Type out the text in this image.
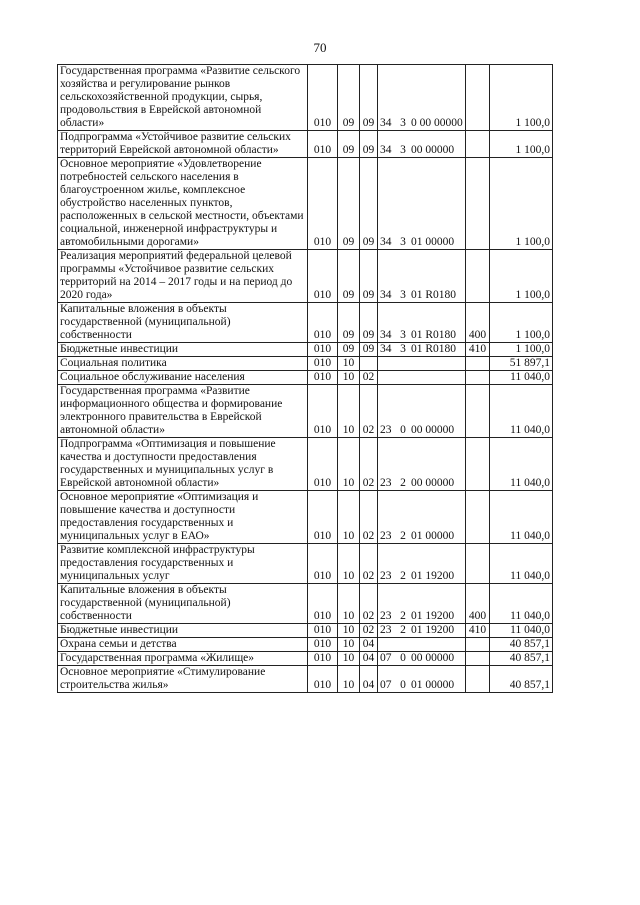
70
Государственная программа «Развитие сельского хозяйства и регулирование рынков сельскохозяйственной продукции, сырья, продовольствия в Еврейской автономной области»	010	09	09	34 3 0 00 00000		1 100,0
Подпрограмма «Устойчивое развитие сельских территорий Еврейской автономной области»	010	09	09	34 3 00 00000		1 100,0
Основное мероприятие «Удовлетворение потребностей сельского населения в благоустроенном жилье, комплексное обустройство населенных пунктов, расположенных в сельской местности, объектами социальной, инженерной инфраструктуры и автомобильными дорогами»	010	09	09	34 3 01 00000		1 100,0
Реализация мероприятий федеральной целевой программы «Устойчивое развитие сельских территорий на 2014 – 2017 годы и на период до 2020 года»	010	09	09	34 3 01 R0180		1 100,0
Капитальные вложения в объекты государственной (муниципальной) собственности	010	09	09	34 3 01 R0180	400	1 100,0
Бюджетные инвестиции	010	09	09	34 3 01 R0180	410	1 100,0
Социальная политика	010	10				51 897,1
Социальное обслуживание населения	010	10	02			11 040,0
Государственная программа «Развитие информационного общества и формирование электронного правительства в Еврейской автономной области»	010	10	02	23 0 00 00000		11 040,0
Подпрограмма «Оптимизация и повышение качества и доступности предоставления государственных и муниципальных услуг в Еврейской автономной области»	010	10	02	23 2 00 00000		11 040,0
Основное мероприятие «Оптимизация и повышение качества и доступности предоставления государственных и муниципальных услуг в ЕАО»	010	10	02	23 2 01 00000		11 040,0
Развитие комплексной инфраструктуры предоставления государственных и муниципальных услуг	010	10	02	23 2 01 19200		11 040,0
Капитальные вложения в объекты государственной (муниципальной) собственности	010	10	02	23 2 01 19200	400	11 040,0
Бюджетные инвестиции	010	10	02	23 2 01 19200	410	11 040,0
Охрана семьи и детства	010	10	04			40 857,1
Государственная программа «Жилище»	010	10	04	07 0 00 00000		40 857,1
Основное мероприятие «Стимулирование строительства жилья»	010	10	04	07 0 01 00000		40 857,1
